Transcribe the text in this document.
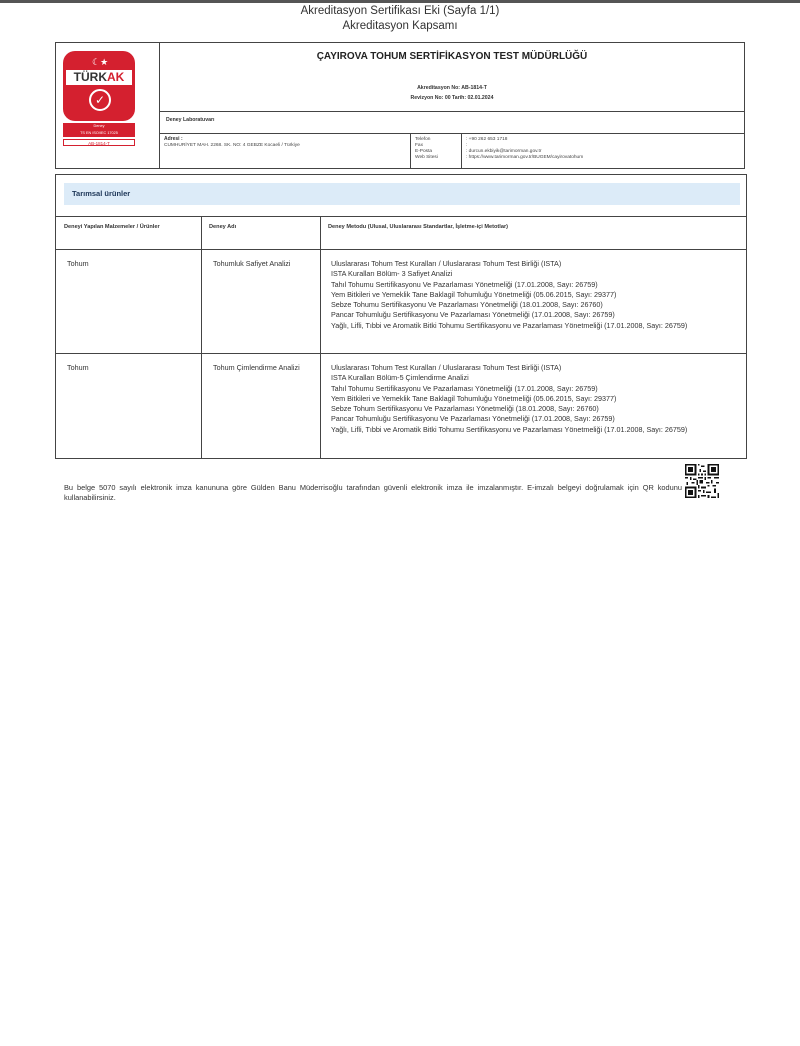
Akreditasyon Sertifikası Eki (Sayfa 1/1)
Akreditasyon Kapsamı
☾★
TÜRKAK
✓
Deney
TS EN ISO/IEC 17025
AB-1814-T
ÇAYIROVA TOHUM SERTİFİKASYON TEST MÜDÜRLÜĞÜ
Akreditasyon No: AB-1814-T
Revizyon No: 00 Tarih: 02.01.2024
Deney Laboratuvarı
Adresi :
CUMHURİYET MAH. 2268. SK. NO: 4 GEBZE Kocaeli / Türkiye
Telefon
Fax
E-Posta
Web Sitesi
: +90 262 653 1718
:
: durcun.ekbiyik@tarimorman.gov.tr
: https://www.tarimorman.gov.tr/BUGEM/cayirovatohum
Tarımsal ürünler
Deneyi Yapılan Malzemeler / Ürünler	Deney Adı	Deney Metodu (Ulusal, Uluslararası Standartlar, İşletme-içi Metotlar)
Tohum	Tohumluk Safiyet Analizi	Uluslararası Tohum Test Kuralları / Uluslararası Tohum Test Birliği (ISTA)
ISTA Kuralları Bölüm- 3 Safiyet Analizi
Tahıl Tohumu Sertifikasyonu Ve Pazarlaması Yönetmeliği (17.01.2008, Sayı: 26759)
Yem Bitkileri ve Yemeklik Tane Baklagil Tohumluğu Yönetmeliği (05.06.2015, Sayı: 29377)
Sebze Tohumu Sertifikasyonu Ve Pazarlaması Yönetmeliği (18.01.2008, Sayı: 26760)
Pancar Tohumluğu Sertifikasyonu Ve Pazarlaması Yönetmeliği (17.01.2008, Sayı: 26759)
Yağlı, Lifli, Tıbbi ve Aromatik Bitki Tohumu Sertifikasyonu ve Pazarlaması Yönetmeliği (17.01.2008, Sayı: 26759)
Tohum	Tohum Çimlendirme Analizi	Uluslararası Tohum Test Kuralları / Uluslararası Tohum Test Birliği (ISTA)
ISTA Kuralları Bölüm-5 Çimlendirme Analizi
Tahıl Tohumu Sertifikasyonu Ve Pazarlaması Yönetmeliği (17.01.2008, Sayı: 26759)
Yem Bitkileri ve Yemeklik Tane Baklagil Tohumluğu Yönetmeliği (05.06.2015, Sayı: 29377)
Sebze Tohum Sertifikasyonu Ve Pazarlaması Yönetmeliği (18.01.2008, Sayı: 26760)
Pancar Tohumluğu Sertifikasyonu Ve Pazarlaması Yönetmeliği (17.01.2008, Sayı: 26759)
Yağlı, Lifli, Tıbbi ve Aromatik Bitki Tohumu Sertifikasyonu ve Pazarlaması Yönetmeliği (17.01.2008, Sayı: 26759)
Bu belge 5070 sayılı elektronik imza kanununa göre Gülden Banu Müderrisoğlu tarafından güvenli elektronik imza ile imzalanmıştır. E-imzalı belgeyi doğrulamak için QR kodunu kullanabilirsiniz.
